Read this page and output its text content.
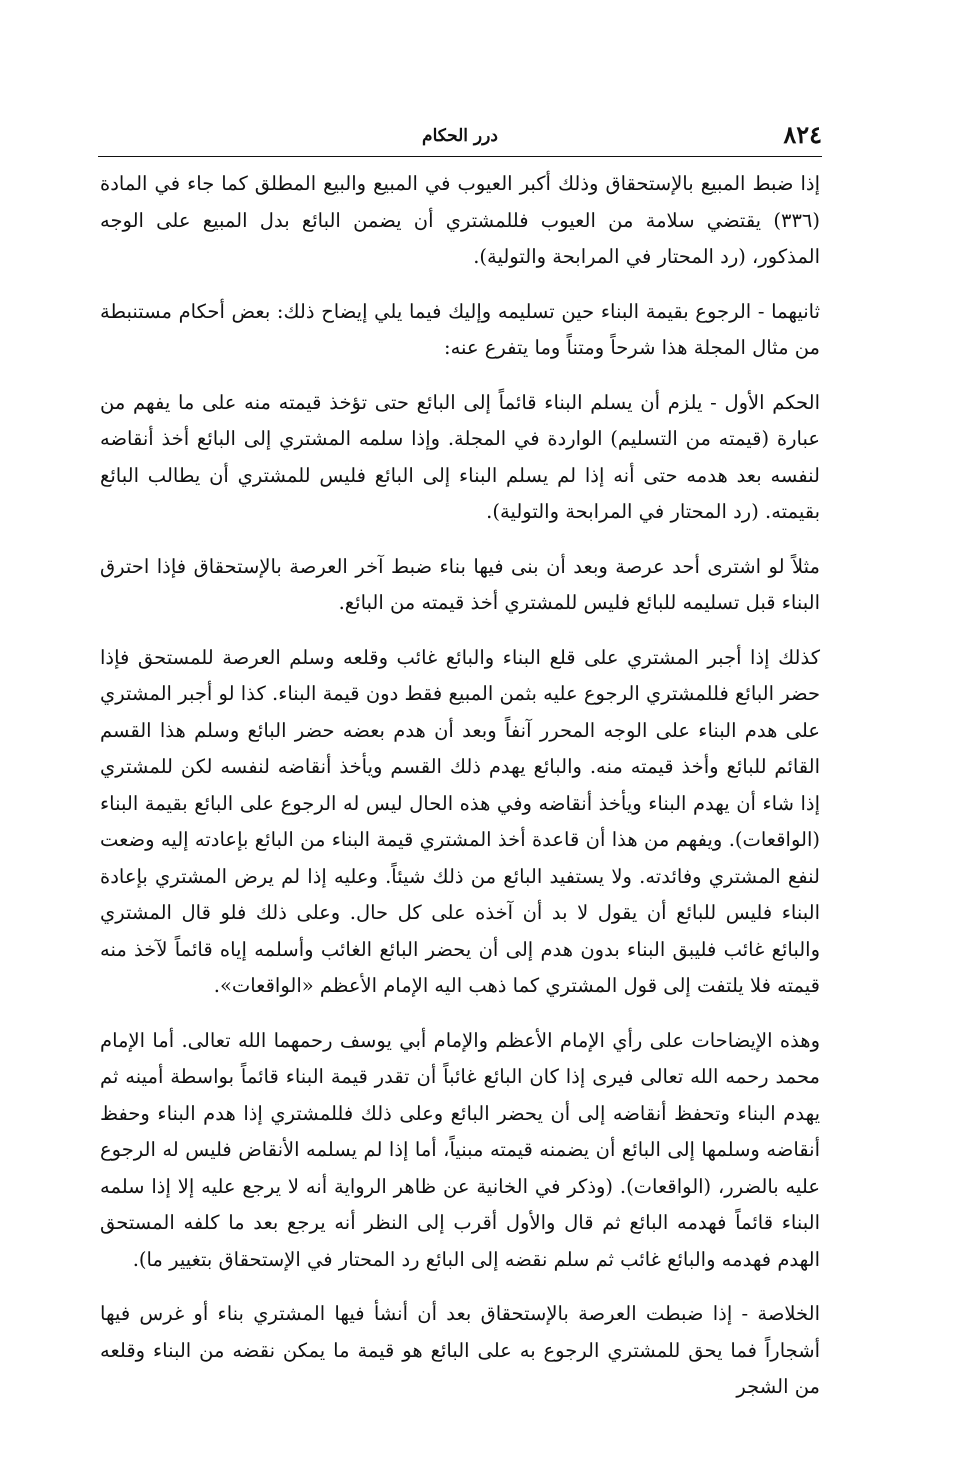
٨٢٤
درر الحكام

إذا ضبط المبيع بالإستحقاق وذلك أكبر العيوب في المبيع والبيع المطلق كما جاء في المادة (٣٣٦) يقتضي سلامة من العيوب فللمشتري أن يضمن البائع بدل المبيع على الوجه المذكور، (رد المحتار في المرابحة والتولية).

ثانيهما - الرجوع بقيمة البناء حين تسليمه وإليك فيما يلي إيضاح ذلك: بعض أحكام مستنبطة من مثال المجلة هذا شرحاً ومتناً وما يتفرع عنه:

الحكم الأول - يلزم أن يسلم البناء قائماً إلى البائع حتى تؤخذ قيمته منه على ما يفهم من عبارة (قيمته من التسليم) الواردة في المجلة. وإذا سلمه المشتري إلى البائع أخذ أنقاضه لنفسه بعد هدمه حتى أنه إذا لم يسلم البناء إلى البائع فليس للمشتري أن يطالب البائع بقيمته. (رد المحتار في المرابحة والتولية).

مثلاً لو اشترى أحد عرصة وبعد أن بنى فيها بناء ضبط آخر العرصة بالإستحقاق فإذا احترق البناء قبل تسليمه للبائع فليس للمشتري أخذ قيمته من البائع.

كذلك إذا أجبر المشتري على قلع البناء والبائع غائب وقلعه وسلم العرصة للمستحق فإذا حضر البائع فللمشتري الرجوع عليه بثمن المبيع فقط دون قيمة البناء. كذا لو أجبر المشتري على هدم البناء على الوجه المحرر آنفاً وبعد أن هدم بعضه حضر البائع وسلم هذا القسم القائم للبائع وأخذ قيمته منه. والبائع يهدم ذلك القسم ويأخذ أنقاضه لنفسه لكن للمشتري إذا شاء أن يهدم البناء ويأخذ أنقاضه وفي هذه الحال ليس له الرجوع على البائع بقيمة البناء (الواقعات). ويفهم من هذا أن قاعدة أخذ المشتري قيمة البناء من البائع بإعادته إليه وضعت لنفع المشتري وفائدته. ولا يستفيد البائع من ذلك شيئاً. وعليه إذا لم يرض المشتري بإعادة البناء فليس للبائع أن يقول لا بد أن آخذه على كل حال. وعلى ذلك فلو قال المشتري والبائع غائب فليبق البناء بدون هدم إلى أن يحضر البائع الغائب وأسلمه إياه قائماً لآخذ منه قيمته فلا يلتفت إلى قول المشتري كما ذهب اليه الإمام الأعظم «الواقعات».

وهذه الإيضاحات على رأي الإمام الأعظم والإمام أبي يوسف رحمهما الله تعالى. أما الإمام محمد رحمه الله تعالى فيرى إذا كان البائع غائباً أن تقدر قيمة البناء قائماً بواسطة أمينه ثم يهدم البناء وتحفظ أنقاضه إلى أن يحضر البائع وعلى ذلك فللمشتري إذا هدم البناء وحفظ أنقاضه وسلمها إلى البائع أن يضمنه قيمته مبنياً، أما إذا لم يسلمه الأنقاض فليس له الرجوع عليه بالضرر، (الواقعات). (وذكر في الخانية عن ظاهر الرواية أنه لا يرجع عليه إلا إذا سلمه البناء قائماً فهدمه البائع ثم قال والأول أقرب إلى النظر أنه يرجع بعد ما كلفه المستحق الهدم فهدمه والبائع غائب ثم سلم نقضه إلى البائع رد المحتار في الإستحقاق بتغيير ما).

الخلاصة - إذا ضبطت العرصة بالإستحقاق بعد أن أنشأ فيها المشتري بناء أو غرس فيها أشجاراً فما يحق للمشتري الرجوع به على البائع هو قيمة ما يمكن نقضه من البناء وقلعه من الشجر
